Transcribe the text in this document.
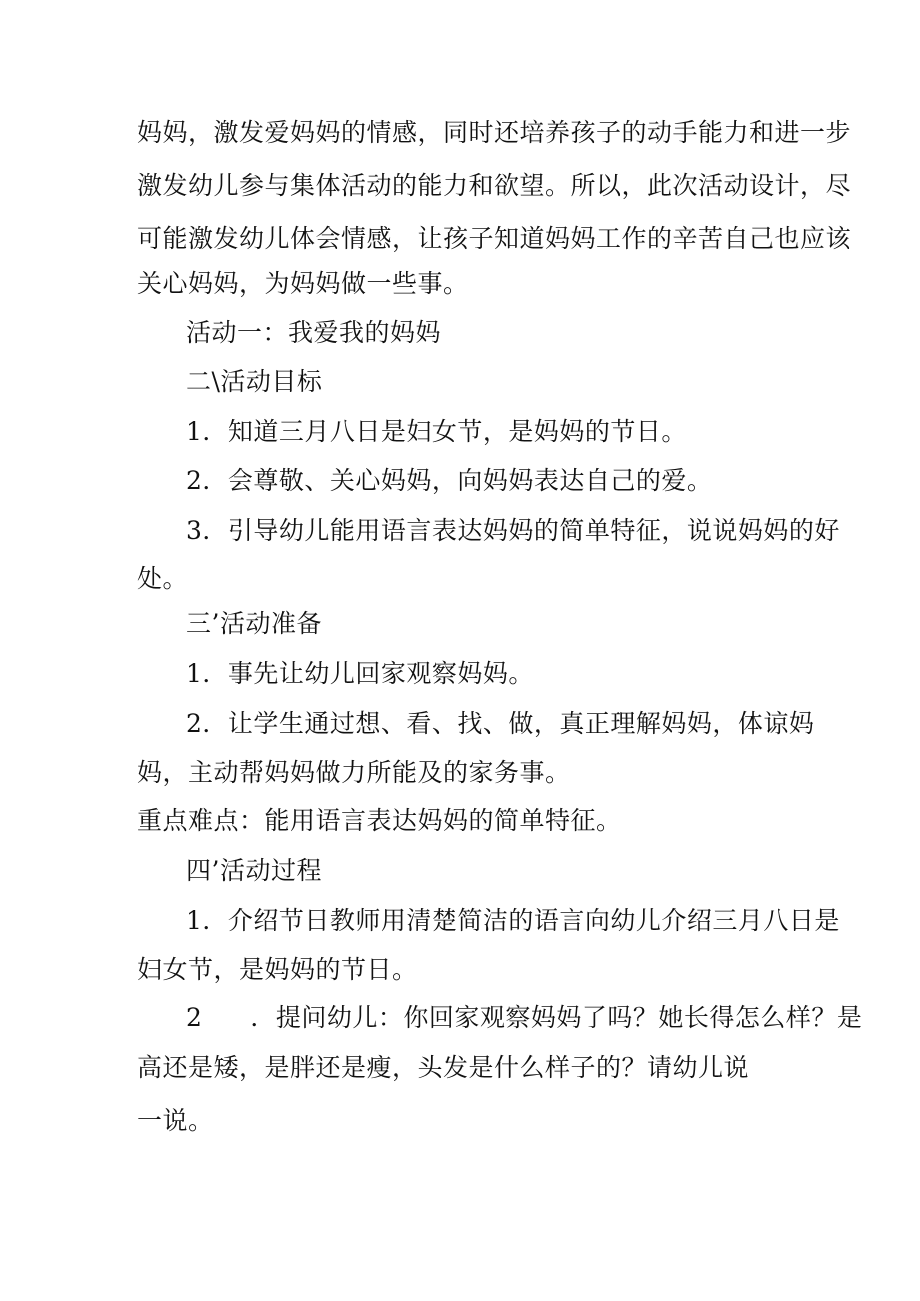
妈妈，激发爱妈妈的情感，同时还培养孩子的动手能力和进一步
激发幼儿参与集体活动的能力和欲望。所以，此次活动设计，尽
可能激发幼儿体会情感，让孩子知道妈妈工作的辛苦自己也应该
关心妈妈，为妈妈做一些事。
活动一：我爱我的妈妈
二\活动目标
1．知道三月八日是妇女节，是妈妈的节日。
2．会尊敬、关心妈妈，向妈妈表达自己的爱。
3．引导幼儿能用语言表达妈妈的简单特征，说说妈妈的好
处。
三’活动准备
1．事先让幼儿回家观察妈妈。
2．让学生通过想、看、找、做，真正理解妈妈，体谅妈
妈，主动帮妈妈做力所能及的家务事。
重点难点：能用语言表达妈妈的简单特征。
四’活动过程
1．介绍节日教师用清楚简洁的语言向幼儿介绍三月八日是
妇女节，是妈妈的节日。
2 ．提问幼儿：你回家观察妈妈了吗？她长得怎么样？是
高还是矮，是胖还是瘦，头发是什么样子的？请幼儿说
一说。
